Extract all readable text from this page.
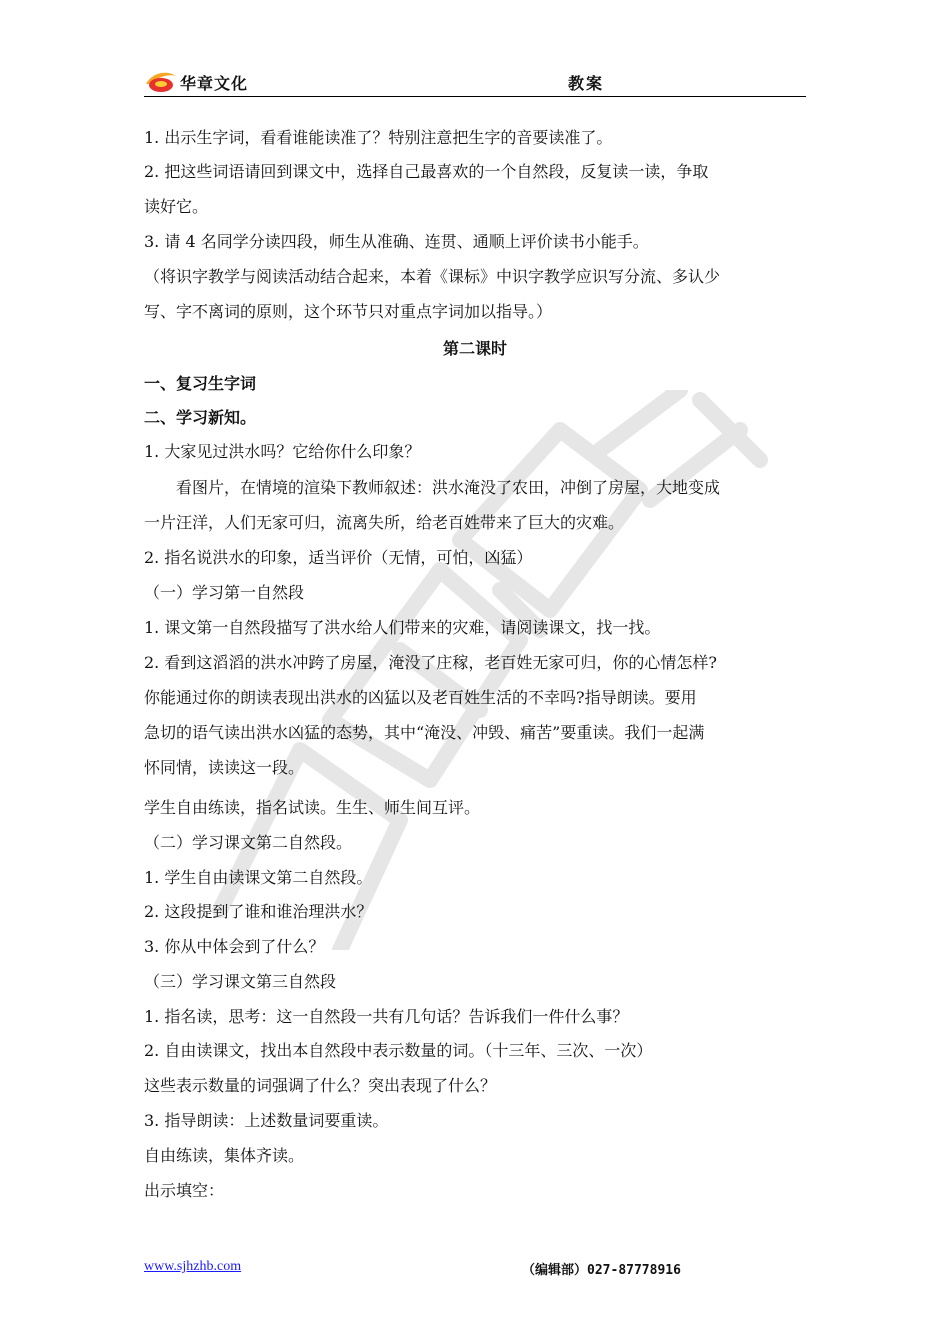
华章文化	教案
1. 出示生字词，看看谁能读准了？特别注意把生字的音要读准了。
2. 把这些词语请回到课文中，选择自己最喜欢的一个自然段，反复读一读，争取
读好它。
3. 请 4 名同学分读四段，师生从准确、连贯、通顺上评价读书小能手。
（将识字教学与阅读活动结合起来，本着《课标》中识字教学应识写分流、多认少
写、字不离词的原则，这个环节只对重点字词加以指导。）
第二课时
一、复习生字词
二、学习新知。
1. 大家见过洪水吗？它给你什么印象？
看图片，在情境的渲染下教师叙述：洪水淹没了农田，冲倒了房屋，大地变成
一片汪洋，人们无家可归，流离失所，给老百姓带来了巨大的灾难。
2. 指名说洪水的印象，适当评价（无情，可怕，凶猛）
（一）学习第一自然段
1. 课文第一自然段描写了洪水给人们带来的灾难，请阅读课文，找一找。
2. 看到这滔滔的洪水冲跨了房屋，淹没了庄稼，老百姓无家可归，你的心情怎样?
你能通过你的朗读表现出洪水的凶猛以及老百姓生活的不幸吗?指导朗读。要用
急切的语气读出洪水凶猛的态势，其中“淹没、冲毁、痛苦”要重读。我们一起满
怀同情，读读这一段。
学生自由练读，指名试读。生生、师生间互评。
（二）学习课文第二自然段。
1. 学生自由读课文第二自然段。
2. 这段提到了谁和谁治理洪水？
3. 你从中体会到了什么？
（三）学习课文第三自然段
1. 指名读，思考：这一自然段一共有几句话？告诉我们一件什么事？
2. 自由读课文，找出本自然段中表示数量的词。（十三年、三次、一次）
这些表示数量的词强调了什么？突出表现了什么？
3. 指导朗读：上述数量词要重读。
自由练读，集体齐读。
出示填空：
www.sjhzhb.com	（编辑部）027-87778916
